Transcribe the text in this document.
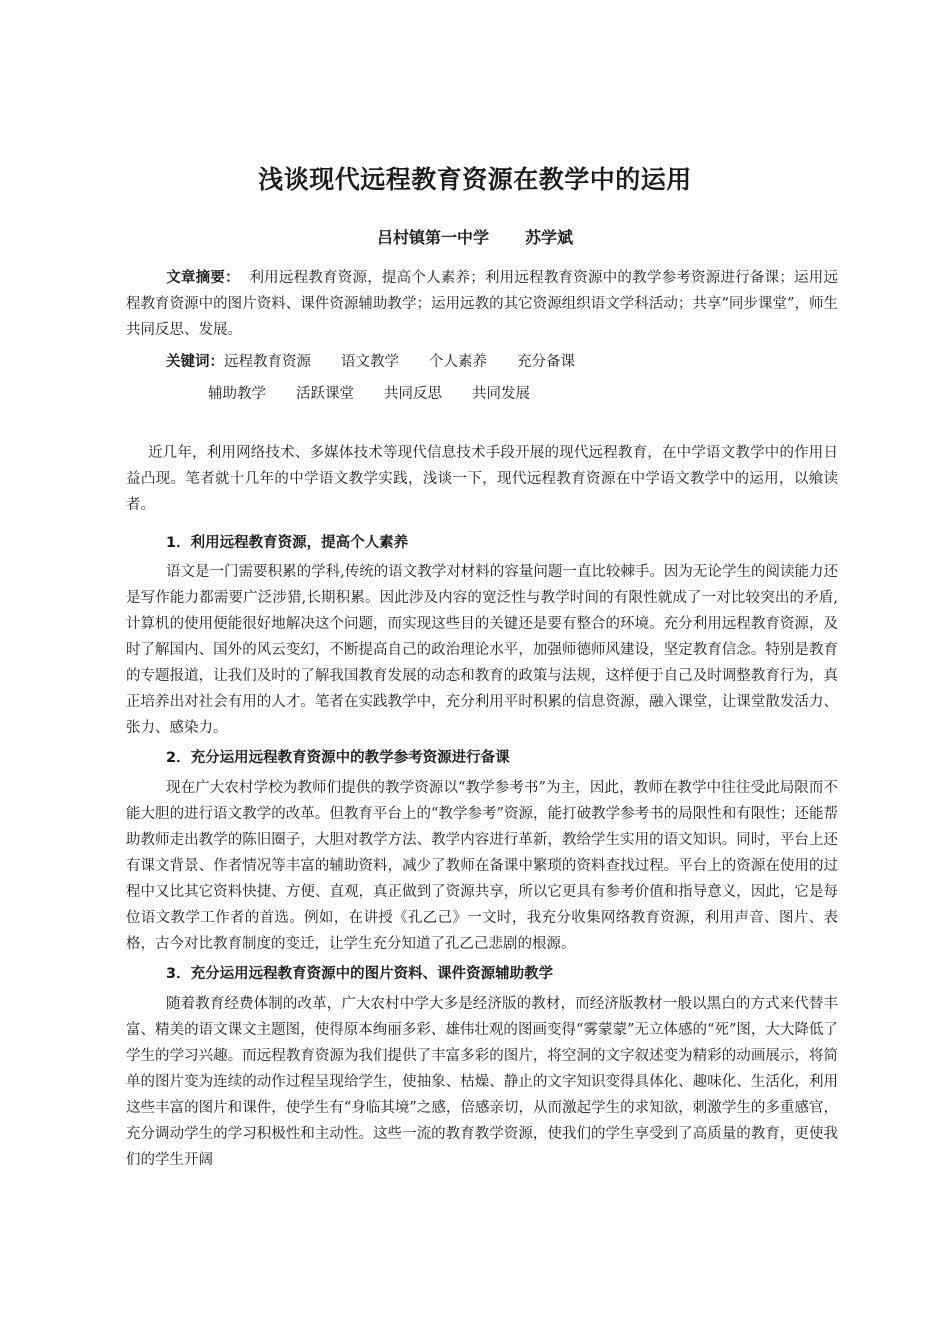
浅谈现代远程教育资源在教学中的运用
吕村镇第一中学 苏学斌
文章摘要： 利用远程教育资源，提高个人素养；利用远程教育资源中的教学参考资源进行备课；运用远程教育资源中的图片资料、课件资源辅助教学；运用远教的其它资源组织语文学科活动；共享“同步课堂”，师生共同反思、发展。
关键词：远程教育资源 语文教学 个人素养 充分备课
辅助教学 活跃课堂 共同反思 共同发展

近几年，利用网络技术、多媒体技术等现代信息技术手段开展的现代远程教育，在中学语文教学中的作用日益凸现。笔者就十几年的中学语文教学实践，浅谈一下，现代远程教育资源在中学语文教学中的运用，以飨读者。

1．利用远程教育资源，提高个人素养

语文是一门需要积累的学科,传统的语文教学对材料的容量问题一直比较棘手。因为无论学生的阅读能力还是写作能力都需要广泛涉猎,长期积累。因此涉及内容的宽泛性与教学时间的有限性就成了一对比较突出的矛盾,计算机的使用便能很好地解决这个问题，而实现这些目的关键还是要有整合的环境。充分利用远程教育资源，及时了解国内、国外的风云变幻，不断提高自己的政治理论水平，加强师德师风建设，坚定教育信念。特别是教育的专题报道，让我们及时的了解我国教育发展的动态和教育的政策与法规，这样便于自己及时调整教育行为，真正培养出对社会有用的人才。笔者在实践教学中，充分利用平时积累的信息资源，融入课堂，让课堂散发活力、张力、感染力。

2．充分运用远程教育资源中的教学参考资源进行备课

现在广大农村学校为教师们提供的教学资源以“教学参考书”为主，因此，教师在教学中往往受此局限而不能大胆的进行语文教学的改革。但教育平台上的“教学参考”资源，能打破教学参考书的局限性和有限性；还能帮助教师走出教学的陈旧圈子，大胆对教学方法、教学内容进行革新，教给学生实用的语文知识。同时，平台上还有课文背景、作者情况等丰富的辅助资料，减少了教师在备课中繁琐的资料查找过程。平台上的资源在使用的过程中又比其它资料快捷、方便、直观，真正做到了资源共享，所以它更具有参考价值和指导意义，因此，它是每位语文教学工作者的首选。例如，在讲授《孔乙己》一文时，我充分收集网络教育资源，利用声音、图片、表格，古今对比教育制度的变迁，让学生充分知道了孔乙己悲剧的根源。

3．充分运用远程教育资源中的图片资料、课件资源辅助教学

随着教育经费体制的改革，广大农村中学大多是经济版的教材，而经济版教材一般以黑白的方式来代替丰富、精美的语文课文主题图，使得原本绚丽多彩、雄伟壮观的图画变得“雾蒙蒙”无立体感的“死”图，大大降低了学生的学习兴趣。而远程教育资源为我们提供了丰富多彩的图片，将空洞的文字叙述变为精彩的动画展示，将简单的图片变为连续的动作过程呈现给学生，使抽象、枯燥、静止的文字知识变得具体化、趣味化、生活化，利用这些丰富的图片和课件，使学生有“身临其境”之感，倍感亲切，从而激起学生的求知欲，刺激学生的多重感官，充分调动学生的学习积极性和主动性。这些一流的教育教学资源，使我们的学生享受到了高质量的教育，更使我们的学生开阔
